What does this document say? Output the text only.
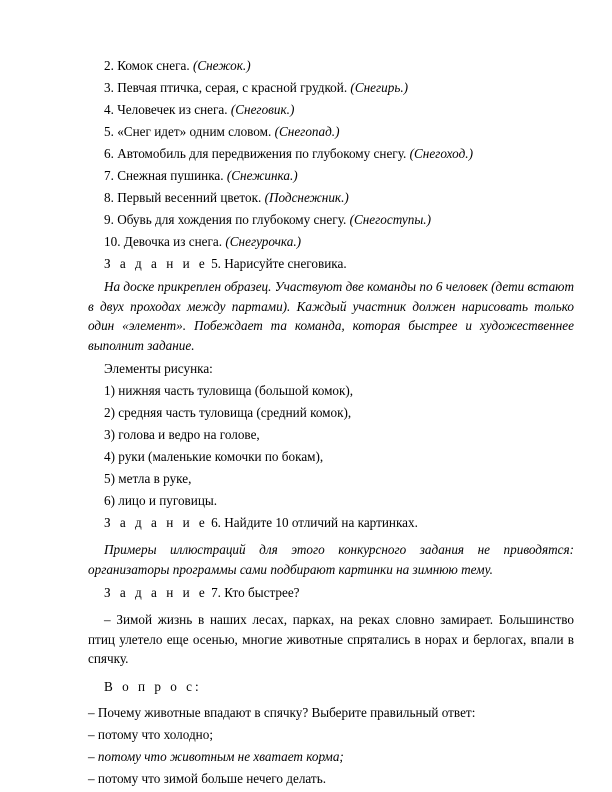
2. Комок снега. (Снежок.)
3. Певчая птичка, серая, с красной грудкой. (Снегирь.)
4. Человечек из снега. (Снеговик.)
5. «Снег идет» одним словом. (Снегопад.)
6. Автомобиль для передвижения по глубокому снегу. (Снегоход.)
7. Снежная пушинка. (Снежинка.)
8. Первый весенний цветок. (Подснежник.)
9. Обувь для хождения по глубокому снегу. (Снегоступы.)
10. Девочка из снега. (Снегурочка.)
З а д а н и е 5. Нарисуйте снеговика.
На доске прикреплен образец. Участвуют две команды по 6 человек (дети встают в двух проходах между партами). Каждый участник должен нарисовать только один «элемент». Побеждает та команда, которая быстрее и художественнее выполнит задание.
Элементы рисунка:
1) нижняя часть туловища (большой комок),
2) средняя часть туловища (средний комок),
3) голова и ведро на голове,
4) руки (маленькие комочки по бокам),
5) метла в руке,
6) лицо и пуговицы.
З а д а н и е 6. Найдите 10 отличий на картинках.
Примеры иллюстраций для этого конкурсного задания не приводятся: организаторы программы сами подбирают картинки на зимнюю тему.
З а д а н и е 7. Кто быстрее?
– Зимой жизнь в наших лесах, парках, на реках словно замирает. Большинство птиц улетело еще осенью, многие животные спрятались в норах и берлогах, впали в спячку.
В о п р о с:
– Почему животные впадают в спячку? Выберите правильный ответ:
– потому что холодно;
– потому что животным не хватает корма;
– потому что зимой больше нечего делать.
